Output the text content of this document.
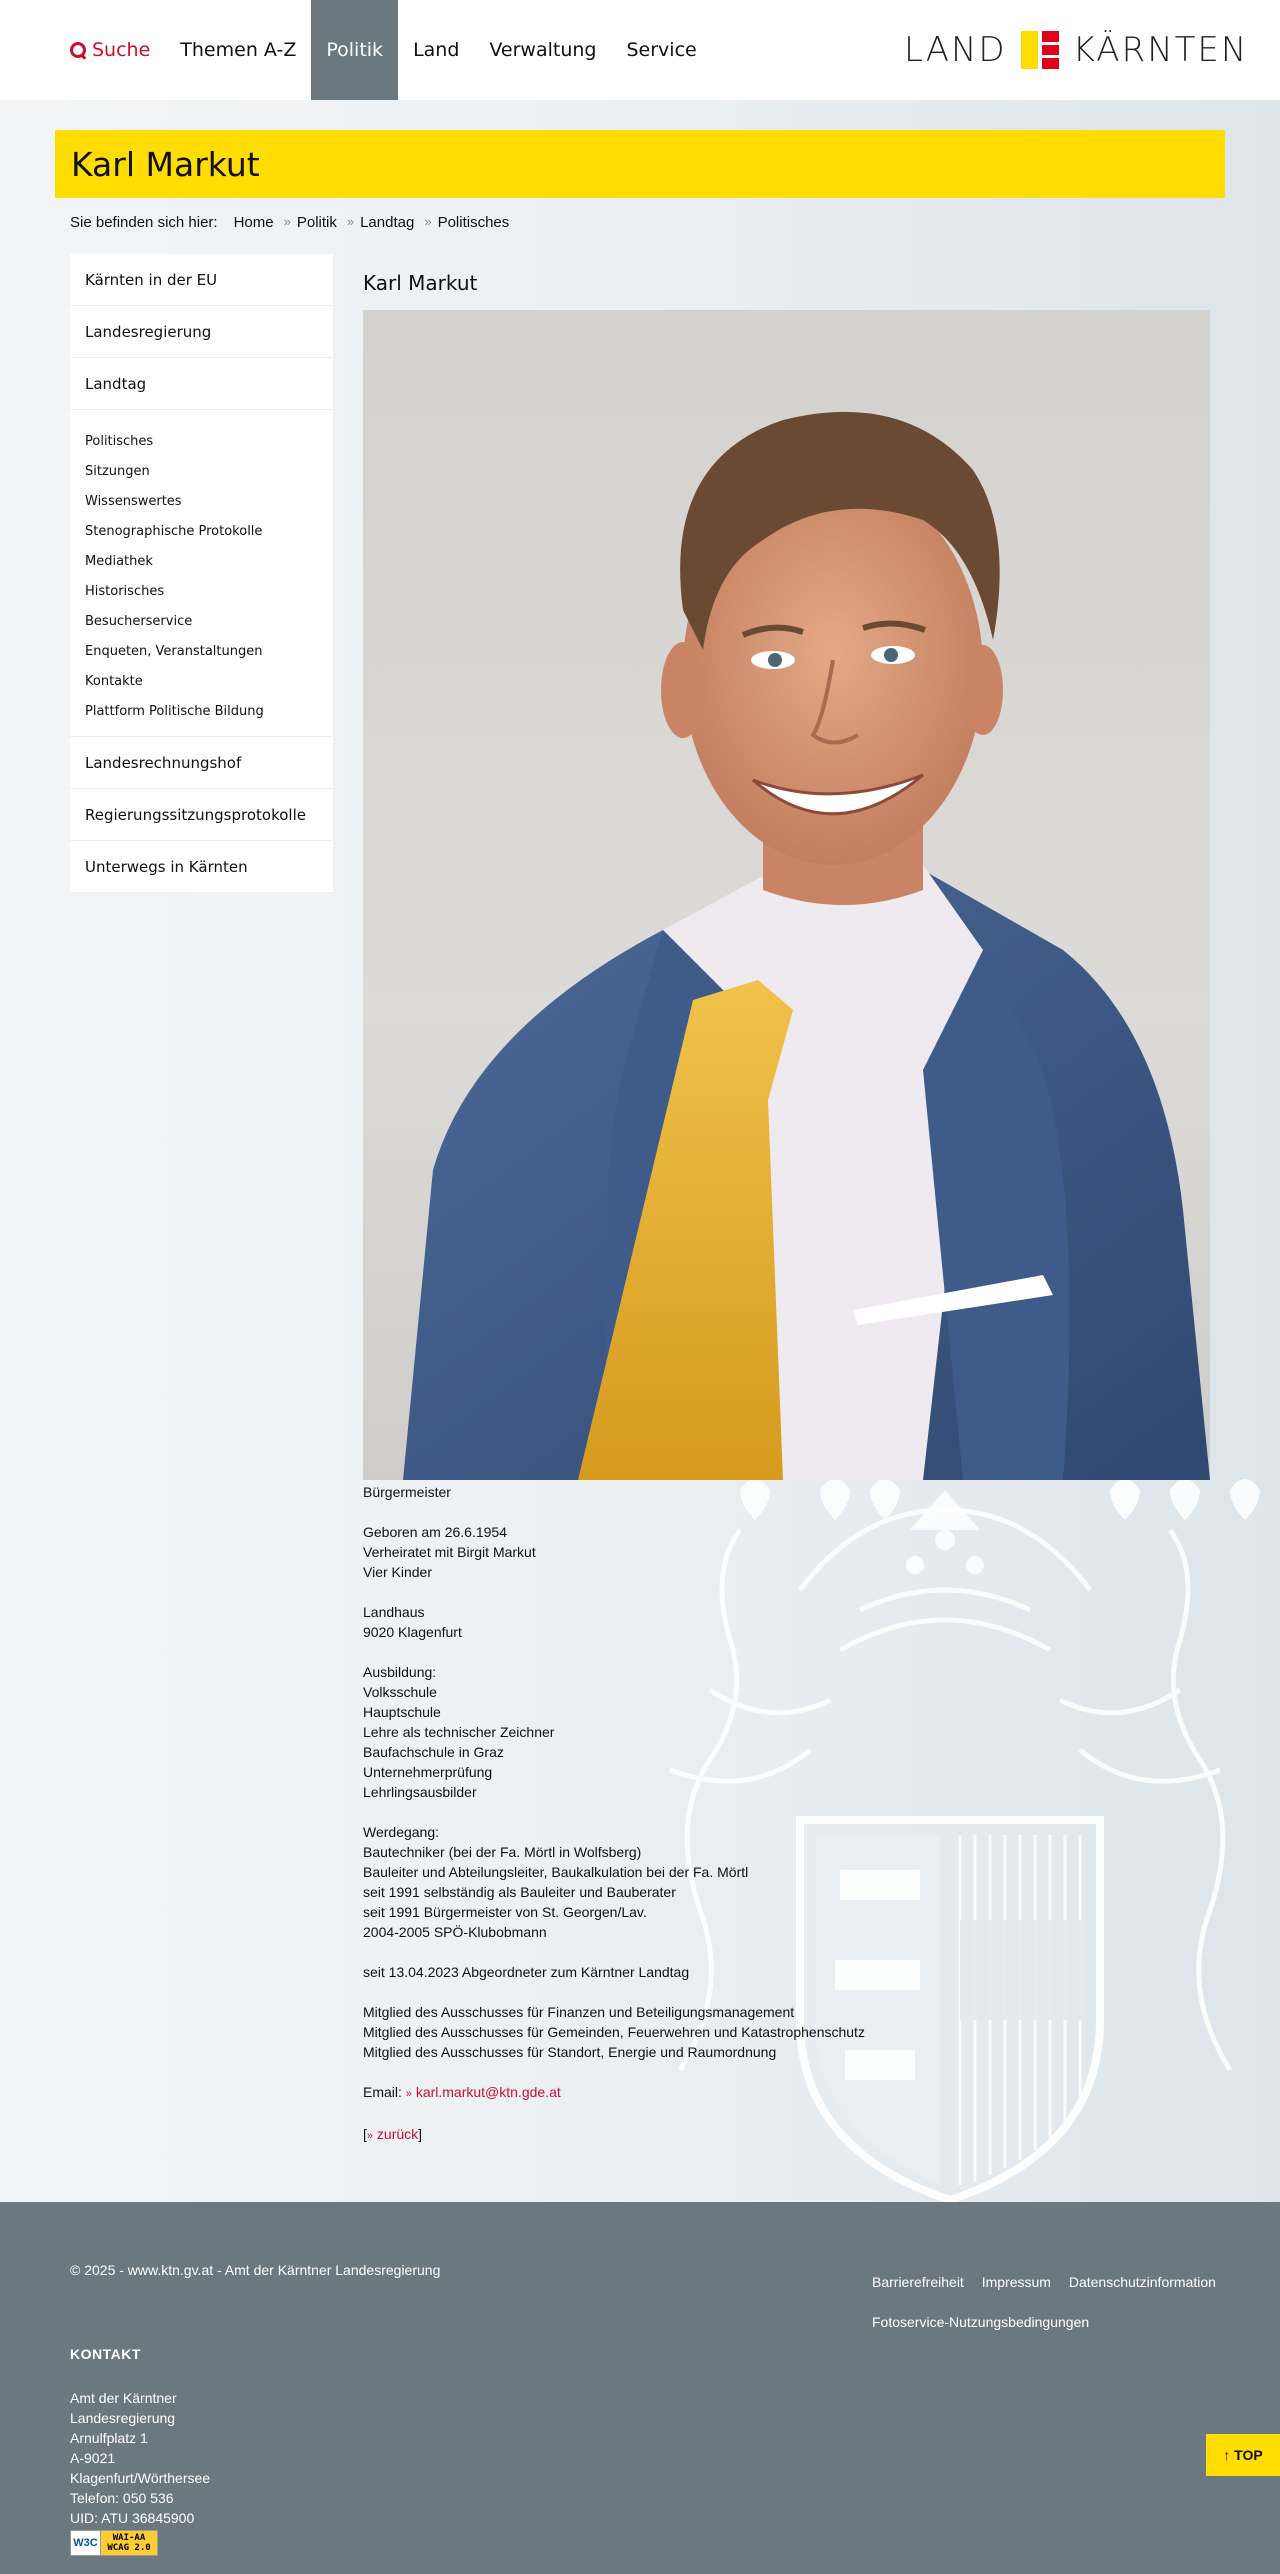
Suche	Themen A-Z	Politik	Land	Verwaltung	Service	LAND KÄRNTEN
Karl Markut
Sie befinden sich hier: Home » Politik » Landtag » Politisches
Kärnten in der EU
Landesregierung
Landtag
Politisches
Sitzungen
Wissenswertes
Stenographische Protokolle
Mediathek
Historisches
Besucherservice
Enqueten, Veranstaltungen
Kontakte
Plattform Politische Bildung
Landesrechnungshof
Regierungssitzungsprotokolle
Unterwegs in Kärnten
Karl Markut

Bürgermeister

Geboren am 26.6.1954
Verheiratet mit Birgit Markut
Vier Kinder

Landhaus
9020 Klagenfurt

Ausbildung:
Volksschule
Hauptschule
Lehre als technischer Zeichner
Baufachschule in Graz
Unternehmerprüfung
Lehrlingsausbilder

Werdegang:
Bautechniker (bei der Fa. Mörtl in Wolfsberg)
Bauleiter und Abteilungsleiter, Baukalkulation bei der Fa. Mörtl
seit 1991 selbständig als Bauleiter und Bauberater
seit 1991 Bürgermeister von St. Georgen/Lav.
2004-2005 SPÖ-Klubobmann

seit 13.04.2023 Abgeordneter zum Kärntner Landtag

Mitglied des Ausschusses für Finanzen und Beteiligungsmanagement
Mitglied des Ausschusses für Gemeinden, Feuerwehren und Katastrophenschutz
Mitglied des Ausschusses für Standort, Energie und Raumordnung

Email: » karl.markut@ktn.gde.at

[» zurück]

© 2025 - www.ktn.gv.at - Amt der Kärntner Landesregierung
Barrierefreiheit Impressum Datenschutzinformation
Fotoservice-Nutzungsbedingungen
KONTAKT
Amt der Kärntner
Landesregierung
Arnulfplatz 1
A-9021
Klagenfurt/Wörthersee
Telefon: 050 536
UID: ATU 36845900
W3C	WAI-AA
WCAG 2.0
↑ TOP
